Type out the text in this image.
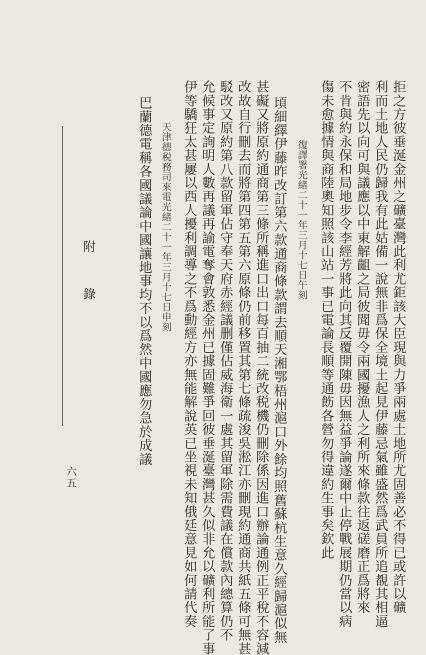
拒之方彼垂涎金州之礦臺灣此利尤鉅該大臣現與力爭兩處土地所尤固善必不得已或許以礦
利而土地人民仍歸我有此姑備一說無非爲保全境土起見伊藤忌氣雖盛然爲武員所追覩其相逼
密語先以向可與議應以中東解齟之局彼聞毋令兩國擾漁人之利所來條款往返磋磨正爲將來
不肯與約永保和局地步令李經芳將此向其反覆開陳毋因無益爭論遂爾中止停戰展期仍當以病
傷未愈據情與商陸奧知照該山站一事已電論長順等通飭各營勿得違約生事矣欽此
復譯署光緒二十一年三月十七日午刻
頃細繹伊藤昨改訂第六款通商條款謂去順天湘鄂梧州滬口外餘均照舊蘇杭生意久經歸滬似無
甚礙又將原約通商第三條所稱進口出口每百抽二統改税機仍刪除係因進口辦論通例正平稅不容減
改故自行刪去而將第四第五第六原條仍前移置其第七條疏浚吳淞江亦刪現約通商共紙五條可無甚
駁改又原約第八款留軍佔守奉天府赤經議删僅佔威海衛一處其留軍除需費議在償款內總算仍不
允候事定詢明人數再議再諭電奪會敦悉金州已據固難爭回彼垂涎臺灣甚久似非允以礦利所能了事
伊等驕狂太甚屢以西人擾利調導之不爲動經方亦無能解說英已坐視未知俄廷意見如何請代奏
天津德税務司來電光緒二十一年三月十七日申刻
巴蘭德電稱各國議論中國讓地事均不以爲然中國應勿急於成議
附 錄
六五
